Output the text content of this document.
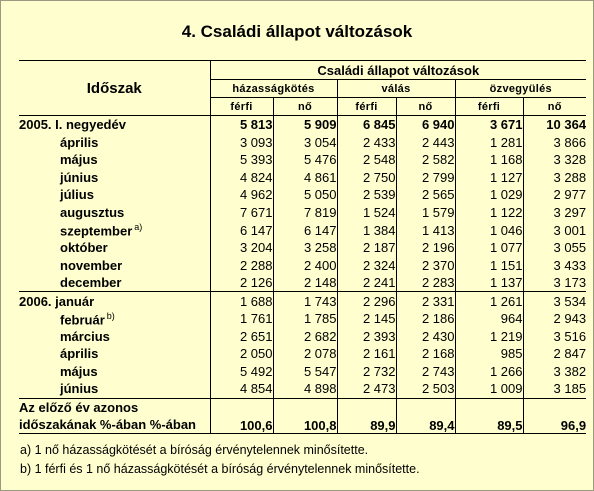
4. Családi állapot változások
Időszak	Családi állapot változások					
	házasságkötés		válás		özvegyülés	
	férfi	nő	férfi	nő	férfi	nő
2005. I. negyedév	5 813	5 909	6 845	6 940	3 671	10 364
április	3 093	3 054	2 433	2 443	1 281	3 866
május	5 393	5 476	2 548	2 582	1 168	3 328
június	4 824	4 861	2 750	2 799	1 127	3 288
július	4 962	5 050	2 539	2 565	1 029	2 977
augusztus	7 671	7 819	1 524	1 579	1 122	3 297
szeptember $^{a)}$	6 147	6 147	1 384	1 413	1 046	3 001
október	3 204	3 258	2 187	2 196	1 077	3 055
november	2 288	2 400	2 324	2 370	1 151	3 433
december	2 126	2 148	2 241	2 283	1 137	3 173
2006. január	1 688	1 743	2 296	2 331	1 261	3 534
február $^{b)}$	1 761	1 785	2 145	2 186	964	2 943
március	2 651	2 682	2 393	2 430	1 219	3 516
április	2 050	2 078	2 161	2 168	985	2 847
május	5 492	5 547	2 732	2 743	1 266	3 382
június	4 854	4 898	2 473	2 503	1 009	3 185
Az előző év azonos						
időszakának %-ában %-ában	100,6	100,8	89,9	89,4	89,5	96,9
a) 1 nő házasságkötését a bíróság érvénytelennek minősítette.
b) 1 férfi és 1 nő házasságkötését a bíróság érvénytelennek minősítette.
